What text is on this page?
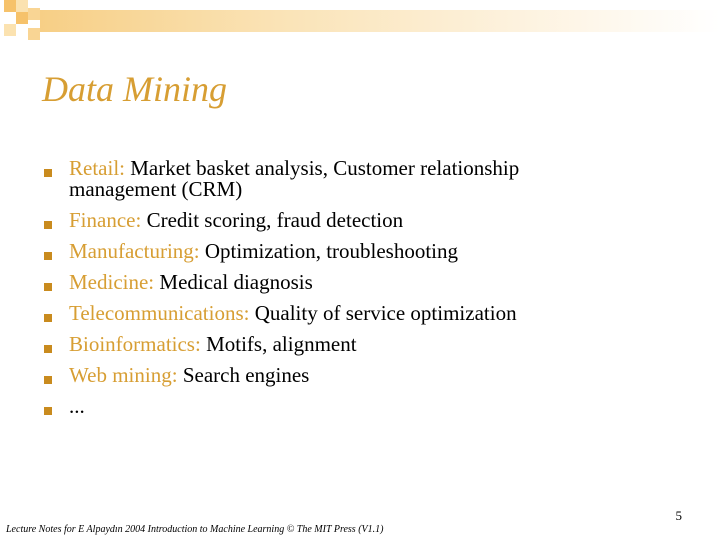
Data Mining
Retail: Market basket analysis, Customer relationship management (CRM)
Finance: Credit scoring, fraud detection
Manufacturing: Optimization, troubleshooting
Medicine: Medical diagnosis
Telecommunications: Quality of service optimization
Bioinformatics: Motifs, alignment
Web mining: Search engines
...
5
Lecture Notes for E Alpaydın 2004 Introduction to Machine Learning © The MIT Press (V1.1)
